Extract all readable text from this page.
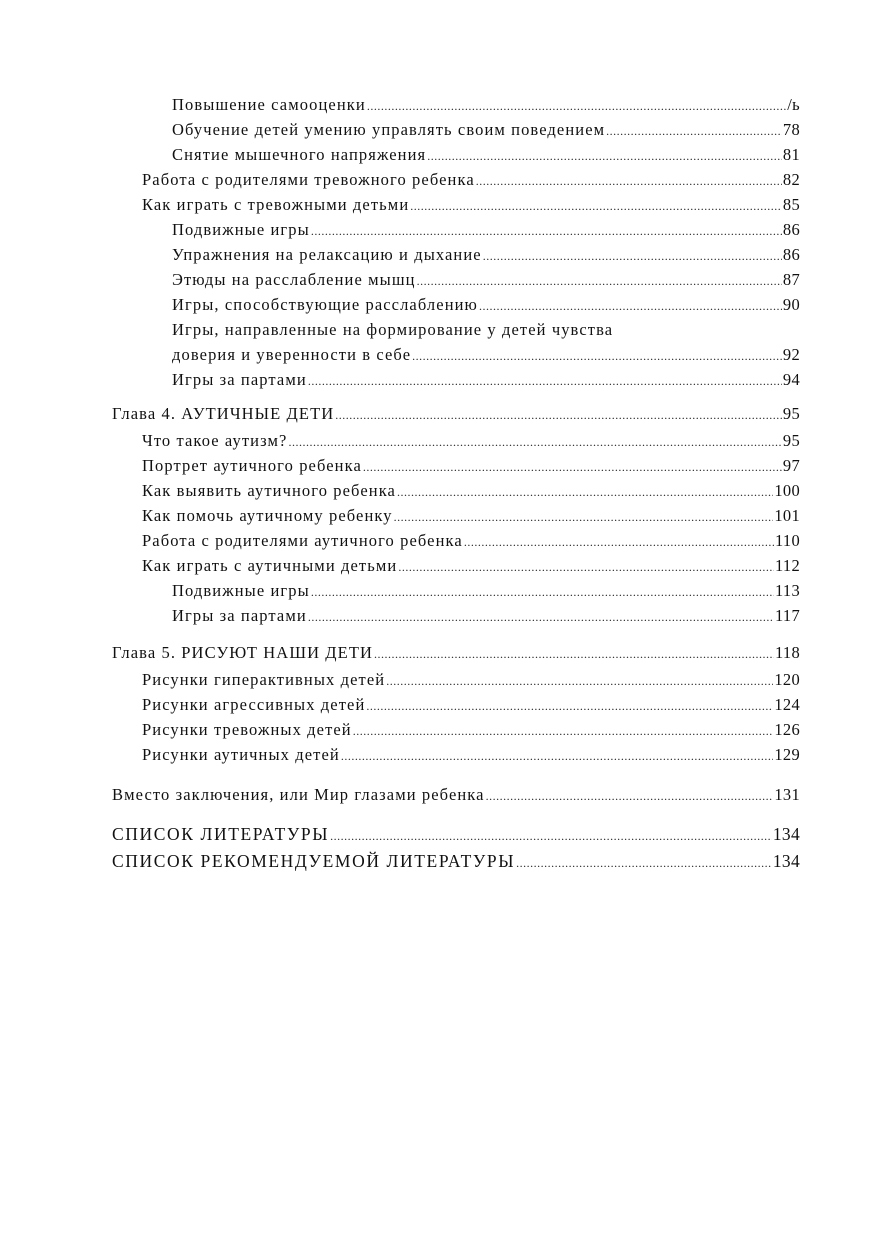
Повышение самооценки .....	/ь
Обучение детей умению управлять своим поведением .....	78
Снятие мышечного напряжения .....	81
Работа с родителями тревожного ребенка .....	82
Как играть с тревожными детьми .....	85
Подвижные игры .....	86
Упражнения на релаксацию и дыхание .....	86
Этюды на расслабление мышц .....	87
Игры, способствующие расслаблению .....	90
Игры, направленные на формирование у детей чувства
доверия и уверенности в себе .....	92
Игры за партами .....	94
Глава 4. АУТИЧНЫЕ ДЕТИ .....	95
Что такое аутизм? .....	95
Портрет аутичного ребенка .....	97
Как выявить аутичного ребенка .....	100
Как помочь аутичному ребенку .....	101
Работа с родителями аутичного ребенка .....	110
Как играть с аутичными детьми .....	112
Подвижные игры .....	113
Игры за партами .....	117
Глава 5. РИСУЮТ НАШИ ДЕТИ .....	118
Рисунки гиперактивных детей .....	120
Рисунки агрессивных детей .....	124
Рисунки тревожных детей .....	126
Рисунки аутичных детей .....	129
Вместо заключения, или Мир глазами ребенка .....	131
СПИСОК ЛИТЕРАТУРЫ .....	134
СПИСОК РЕКОМЕНДУЕМОЙ ЛИТЕРАТУРЫ .....	134
